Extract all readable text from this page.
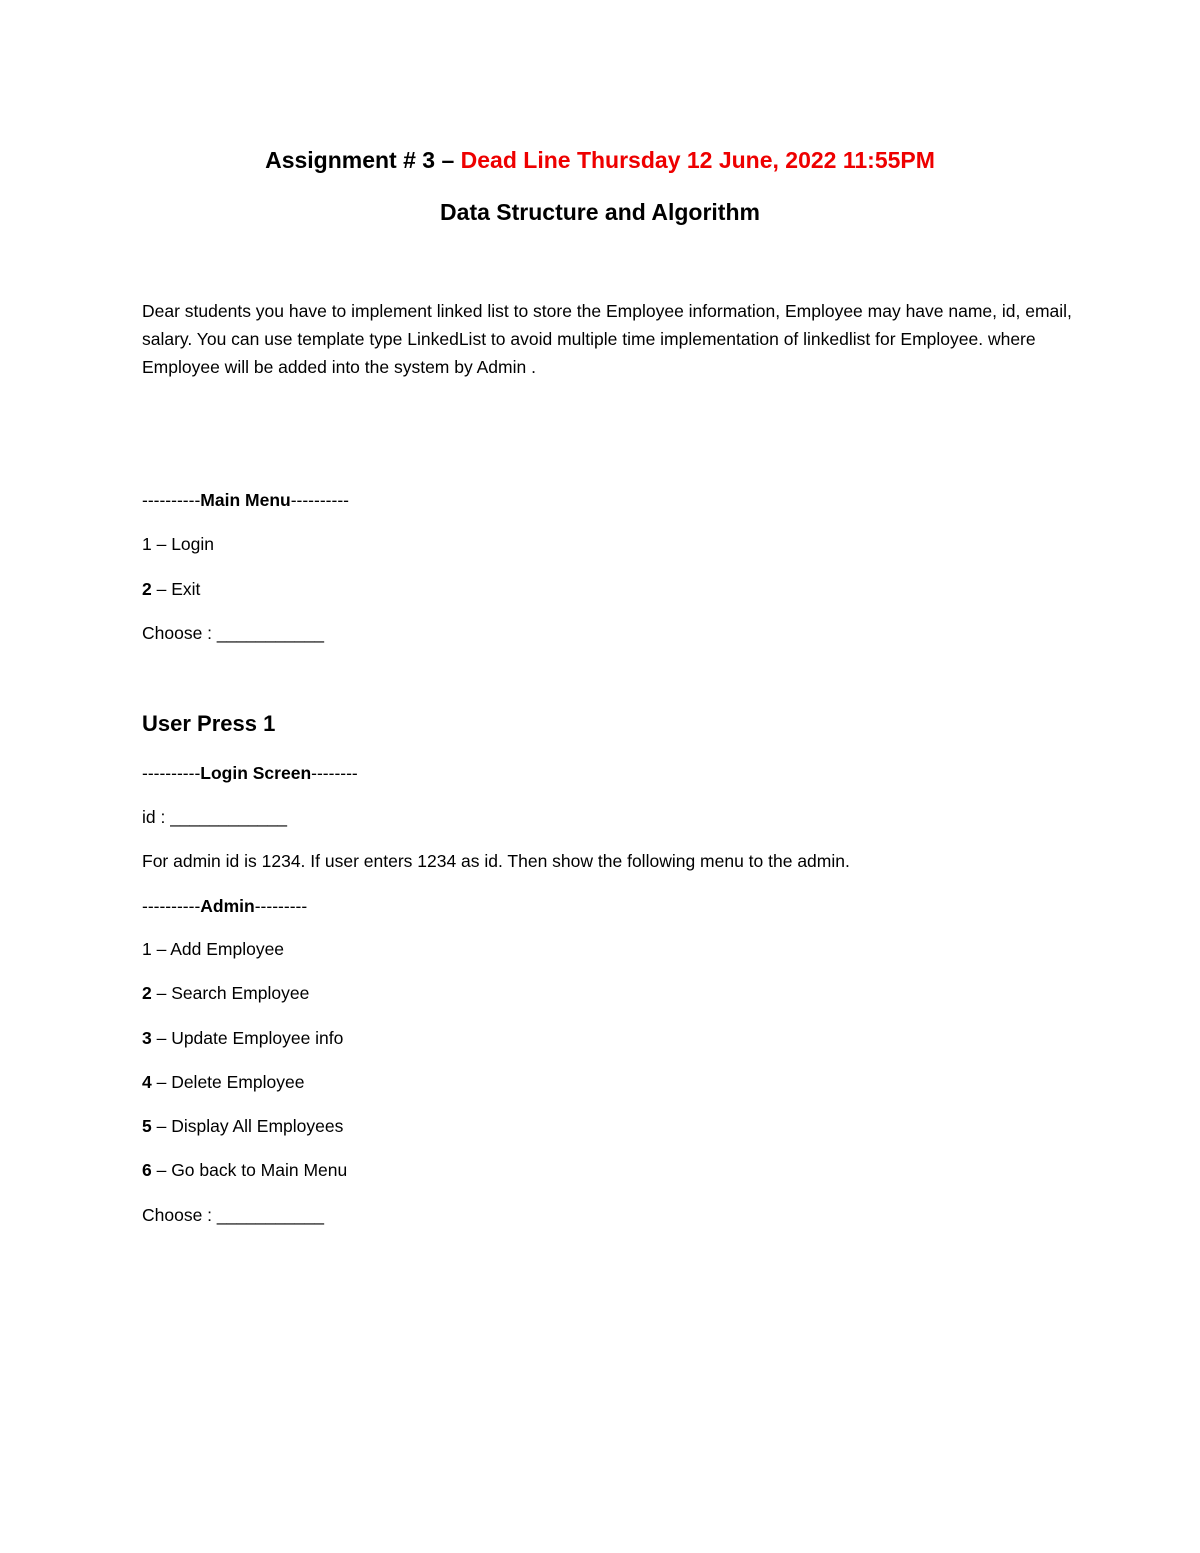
Assignment # 3 – Dead Line Thursday 12 June, 2022 11:55PM
Data Structure and Algorithm
Dear students you have to implement linked list to store the Employee information, Employee may have name, id, email, salary. You can use template type LinkedList to avoid multiple time implementation of linkedlist for Employee. where Employee will be added into the system by Admin .
----------Main Menu----------
1 – Login
2 – Exit
Choose : ___________
User Press 1
----------Login Screen--------
id : ____________
For admin id is 1234. If user enters 1234 as id. Then show the following menu to the admin.
----------Admin---------
1 – Add Employee
2 – Search Employee
3 – Update Employee info
4 – Delete Employee
5 – Display All Employees
6 – Go back to Main Menu
Choose : ___________
